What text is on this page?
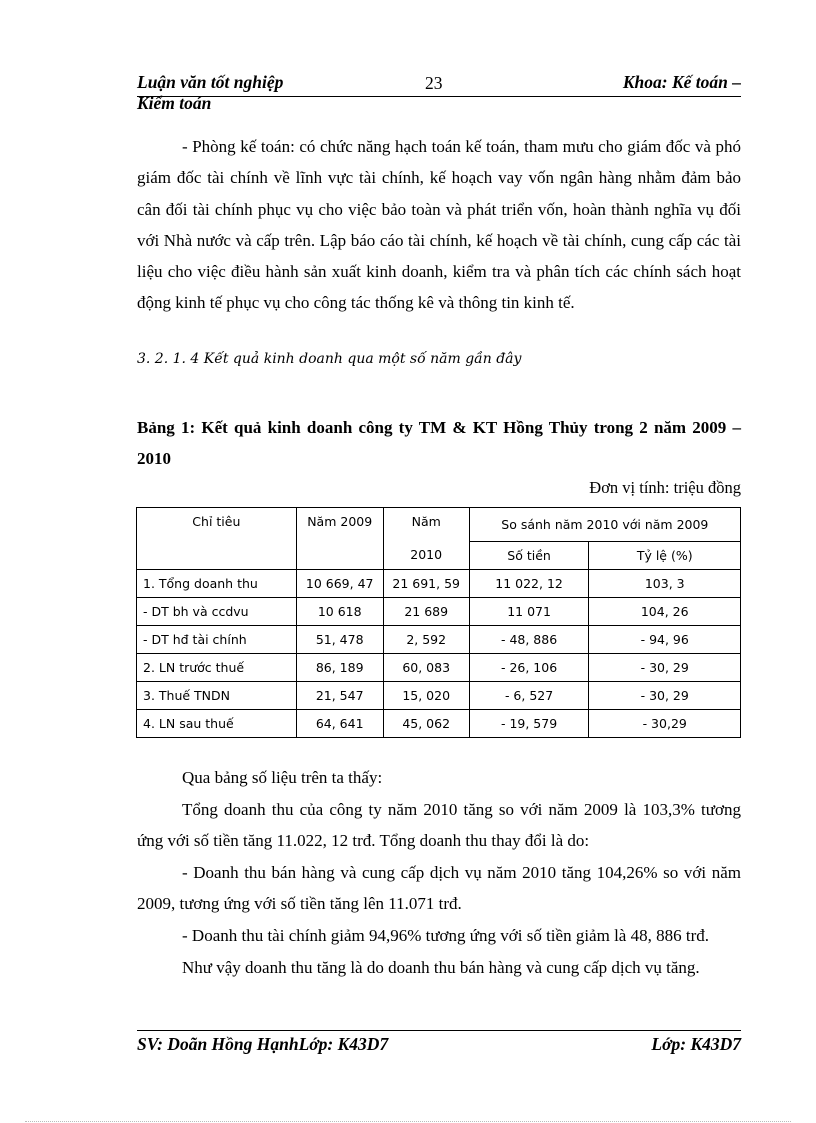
Luận văn tốt nghiệp	23	Khoa: Kế toán –
Kiểm toán

- Phòng kế toán: có chức năng hạch toán kế toán, tham mưu cho giám đốc và phó giám đốc tài chính về lĩnh vực tài chính, kế hoạch vay vốn ngân hàng nhằm đảm bảo cân đối tài chính phục vụ cho việc bảo toàn và phát triển vốn, hoàn thành nghĩa vụ đối với Nhà nước và cấp trên. Lập báo cáo tài chính, kế hoạch về tài chính, cung cấp các tài liệu cho việc điều hành sản xuất kinh doanh, kiểm tra và phân tích các chính sách hoạt động kinh tế phục vụ cho công tác thống kê và thông tin kinh tế.

3. 2. 1. 4 Kết quả kinh doanh qua một số năm gần đây
Bảng 1: Kết quả kinh doanh công ty TM & KT Hồng Thủy trong 2 năm 2009 – 2010
Đơn vị tính: triệu đồng
Chỉ tiêu	Năm 2009	Năm	So sánh năm 2010 với năm 2009	
		2010	Số tiền	Tỷ lệ (%)
1. Tổng doanh thu	10 669, 47	21 691, 59	11 022, 12	103, 3
- DT bh và ccdvu	10 618	21 689	11 071	104, 26
- DT hđ tài chính	51, 478	2, 592	- 48, 886	- 94, 96
2. LN trước thuế	86, 189	60, 083	- 26, 106	- 30, 29
3. Thuế TNDN	21, 547	15, 020	- 6, 527	- 30, 29
4. LN sau thuế	64, 641	45, 062	- 19, 579	- 30,29

Qua bảng số liệu trên ta thấy:

Tổng doanh thu của công ty năm 2010 tăng so với năm 2009 là 103,3% tương ứng với số tiền tăng 11.022, 12 trđ. Tổng doanh thu thay đổi là do:

- Doanh thu bán hàng và cung cấp dịch vụ năm 2010 tăng 104,26% so với năm 2009, tương ứng với số tiền tăng lên 11.071 trđ.

- Doanh thu tài chính giảm 94,96% tương ứng với số tiền giảm là 48, 886 trđ.

Như vậy doanh thu tăng là do doanh thu bán hàng và cung cấp dịch vụ tăng.

SV: Doãn Hồng HạnhLớp: K43D7	Lớp: K43D7
